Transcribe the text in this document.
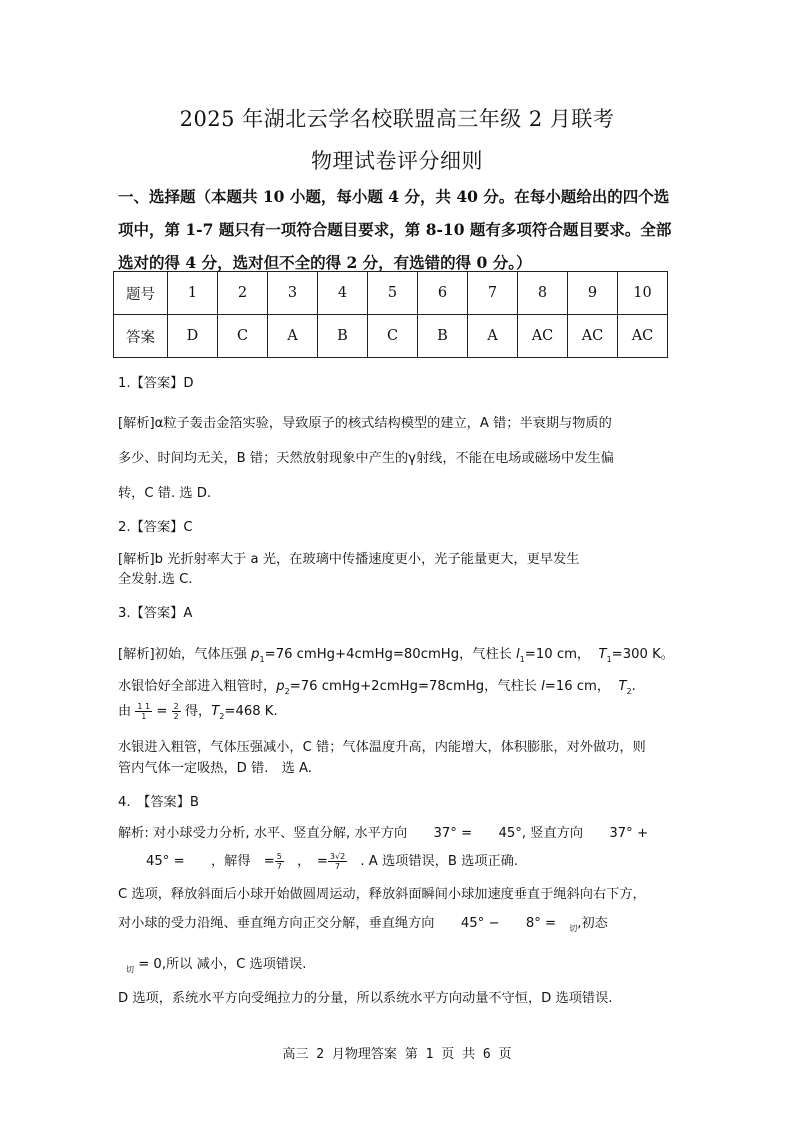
2025 年湖北云学名校联盟高三年级 2 月联考
物理试卷评分细则
一、选择题（本题共 10 小题，每小题 4 分，共 40 分。在每小题给出的四个选
项中，第 1-7 题只有一项符合题目要求，第 8-10 题有多项符合题目要求。全部
选对的得 4 分，选对但不全的得 2 分，有选错的得 0 分。）
题号	1	2	3	4	5	6	7	8	9	10
答案	D	C	A	B	C	B	A	AC	AC	AC
1.【答案】D
[解析]α粒子轰击金箔实验，导致原子的核式结构模型的建立，A 错；半衰期与物质的
多少、时间均无关，B 错；天然放射现象中产生的γ射线，不能在电场或磁场中发生偏
转，C 错. 选 D.
2.【答案】C
[解析]b 光折射率大于 a 光，在玻璃中传播速度更小，光子能量更大，更早发生
全发射.选 C.
3.【答案】A
[解析]初始，气体压强 $p_1=76$ cmHg+4cmHg=80cmHg，气柱长 $l_1=10$ cm， $T_1=300$ K。
水银恰好全部进入粗管时，$p_2=76$ cmHg+2cmHg=78cmHg，气柱长 l=16 cm， $T_2$.
由 $\frac{1 1}{1} = \frac{2}{2}$ 得，$T_2=468$ K.
水银进入粗管，气体压强减小，C 错；气体温度升高，内能增大，体积膨胀，对外做功，则
管内气体一定吸热，D 错.　选 A.
4.　【答案】B
解析: 对小球受力分析, 水平、竖直分解, 水平方向　　37° =　　45°, 竖直方向　　37° +
45° =　　，解得　= $\frac{5}{7}$ 　，　= $\frac{3√2}{7}$ 　. A 选项错误，B 选项正确.
C 选项，释放斜面后小球开始做圆周运动，释放斜面瞬间小球加速度垂直于绳斜向右下方，
对小球的受力沿绳、垂直绳方向正交分解，垂直绳方向　　45° −　　8° =　$_切$,初态
$_切$ = 0,所以 减小，C 选项错误.
D 选项，系统水平方向受绳拉力的分量，所以系统水平方向动量不守恒，D 选项错误.
高三 2 月物理答案 第 1 页 共 6 页
